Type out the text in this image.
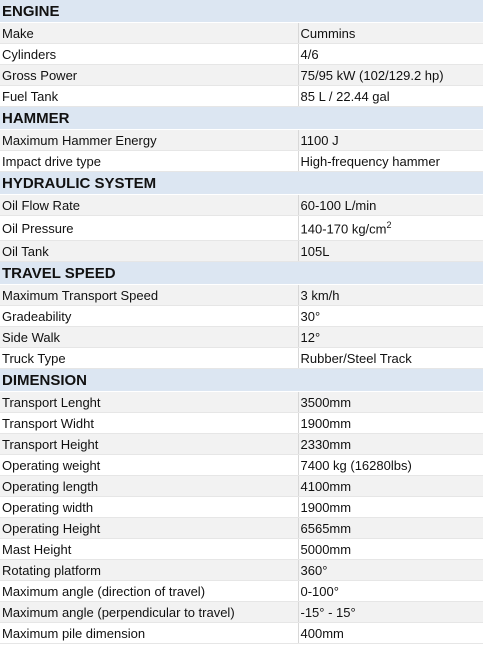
ENGINE	
Make	Cummins
Cylinders	4/6
Gross Power	75/95 kW (102/129.2 hp)
Fuel Tank	85 L / 22.44 gal
HAMMER	
Maximum Hammer Energy	1100 J
Impact drive type	High-frequency hammer
HYDRAULIC SYSTEM	
Oil Flow Rate	60-100 L/min
Oil Pressure	140-170 $kg/cm^2$
Oil Tank	105L
TRAVEL SPEED	
Maximum Transport Speed	3 km/h
Gradeability	30°
Side Walk	12°
Truck Type	Rubber/Steel Track
DIMENSION	
Transport Lenght	3500mm
Transport Widht	1900mm
Transport Height	2330mm
Operating weight	7400 kg (16280lbs)
Operating length	4100mm
Operating width	1900mm
Operating Height	6565mm
Mast Height	5000mm
Rotating platform	360°
Maximum angle (direction of travel)	0-100°
Maximum angle (perpendicular to travel)	-15° - 15°
Maximum pile dimension	400mm
